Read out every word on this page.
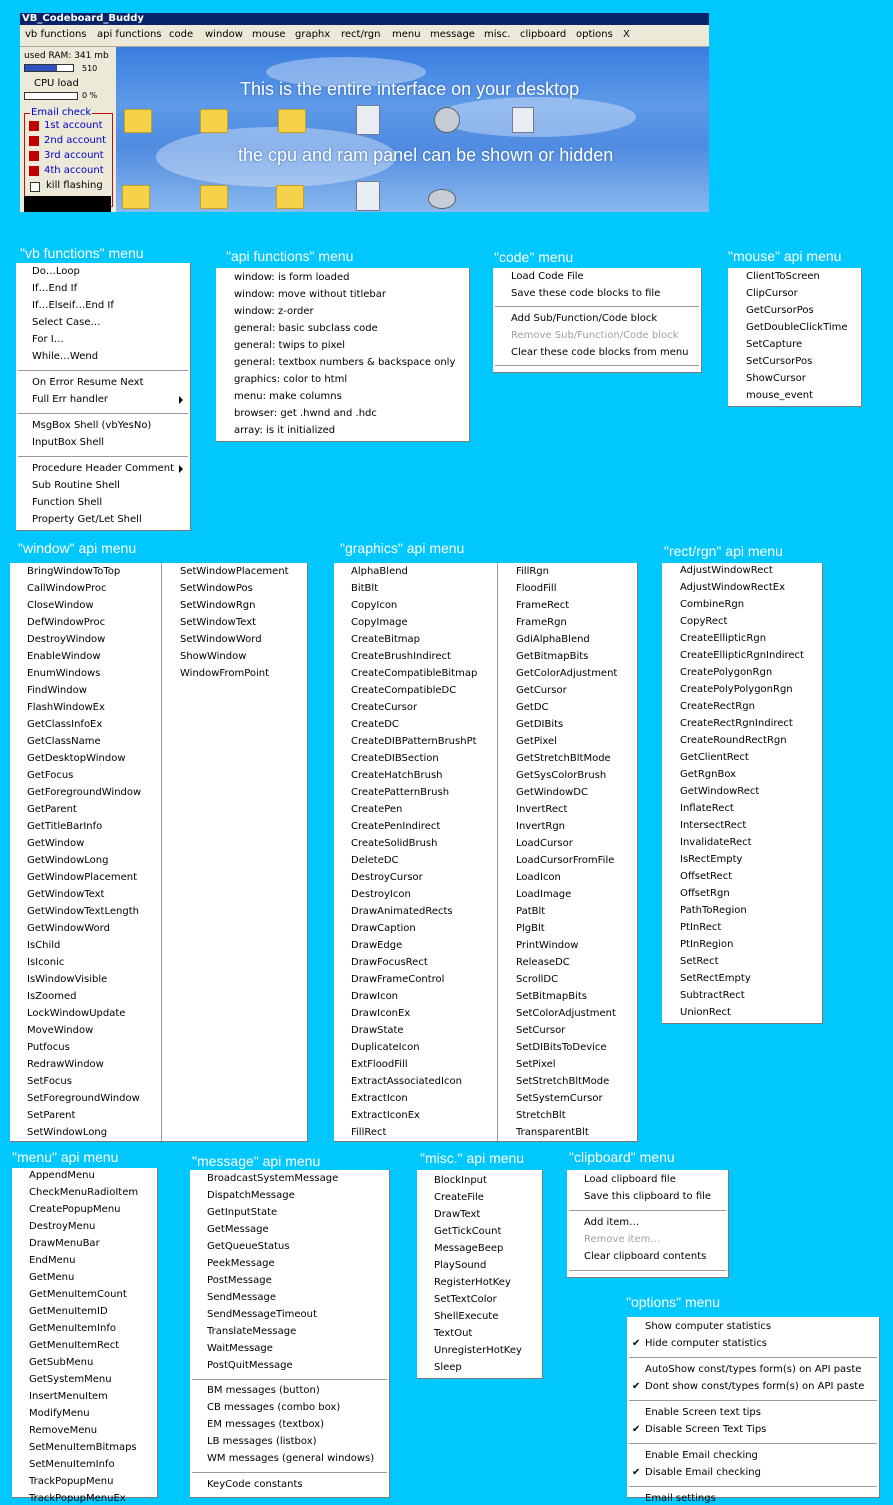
VB_Codeboard_Buddy
vb functions api functions code window mouse graphx rect/rgn menu message misc. clipboard options X
used RAM: 341 mb
510
CPU load
0 %
Email check
1st account
2nd account
3rd account
4th account
kill flashing
This is the entire interface on your desktop
the cpu and ram panel can be shown or hidden
"vb functions" menu
Do…Loop
If…End If
If…Elseif…End If
Select Case…
For I…
While…Wend
On Error Resume Next
Full Err handler
MsgBox Shell (vbYesNo)
InputBox Shell
Procedure Header Comment
Sub Routine Shell
Function Shell
Property Get/Let Shell
"api functions" menu
window: is form loaded
window: move without titlebar
window: z-order
general: basic subclass code
general: twips to pixel
general: textbox numbers & backspace only
graphics: color to html
menu: make columns
browser: get .hwnd and .hdc
array: is it initialized
"code" menu
Load Code File
Save these code blocks to file
Add Sub/Function/Code block
Remove Sub/Function/Code block
Clear these code blocks from menu
"mouse" api menu
ClientToScreen
ClipCursor
GetCursorPos
GetDoubleClickTime
SetCapture
SetCursorPos
ShowCursor
mouse_event
"window" api menu
BringWindowToTop
CallWindowProc
CloseWindow
DefWindowProc
DestroyWindow
EnableWindow
EnumWindows
FindWindow
FlashWindowEx
GetClassInfoEx
GetClassName
GetDesktopWindow
GetFocus
GetForegroundWindow
GetParent
GetTitleBarInfo
GetWindow
GetWindowLong
GetWindowPlacement
GetWindowText
GetWindowTextLength
GetWindowWord
IsChild
IsIconic
IsWindowVisible
IsZoomed
LockWindowUpdate
MoveWindow
Putfocus
RedrawWindow
SetFocus
SetForegroundWindow
SetParent
SetWindowLong
SetWindowPlacement
SetWindowPos
SetWindowRgn
SetWindowText
SetWindowWord
ShowWindow
WindowFromPoint
"graphics" api menu
AlphaBlend
BitBlt
CopyIcon
CopyImage
CreateBitmap
CreateBrushIndirect
CreateCompatibleBitmap
CreateCompatibleDC
CreateCursor
CreateDC
CreateDIBPatternBrushPt
CreateDIBSection
CreateHatchBrush
CreatePatternBrush
CreatePen
CreatePenIndirect
CreateSolidBrush
DeleteDC
DestroyCursor
DestroyIcon
DrawAnimatedRects
DrawCaption
DrawEdge
DrawFocusRect
DrawFrameControl
DrawIcon
DrawIconEx
DrawState
DuplicateIcon
ExtFloodFill
ExtractAssociatedIcon
ExtractIcon
ExtractIconEx
FillRect
FillRgn
FloodFill
FrameRect
FrameRgn
GdiAlphaBlend
GetBitmapBits
GetColorAdjustment
GetCursor
GetDC
GetDIBits
GetPixel
GetStretchBltMode
GetSysColorBrush
GetWindowDC
InvertRect
InvertRgn
LoadCursor
LoadCursorFromFile
LoadIcon
LoadImage
PatBlt
PlgBlt
PrintWindow
ReleaseDC
ScrollDC
SetBitmapBits
SetColorAdjustment
SetCursor
SetDIBitsToDevice
SetPixel
SetStretchBltMode
SetSystemCursor
StretchBlt
TransparentBlt
"rect/rgn" api menu
AdjustWindowRect
AdjustWindowRectEx
CombineRgn
CopyRect
CreateEllipticRgn
CreateEllipticRgnIndirect
CreatePolygonRgn
CreatePolyPolygonRgn
CreateRectRgn
CreateRectRgnIndirect
CreateRoundRectRgn
GetClientRect
GetRgnBox
GetWindowRect
InflateRect
IntersectRect
InvalidateRect
IsRectEmpty
OffsetRect
OffsetRgn
PathToRegion
PtInRect
PtInRegion
SetRect
SetRectEmpty
SubtractRect
UnionRect
"menu" api menu
AppendMenu
CheckMenuRadioItem
CreatePopupMenu
DestroyMenu
DrawMenuBar
EndMenu
GetMenu
GetMenuItemCount
GetMenuItemID
GetMenuItemInfo
GetMenuItemRect
GetSubMenu
GetSystemMenu
InsertMenuItem
ModifyMenu
RemoveMenu
SetMenuItemBitmaps
SetMenuItemInfo
TrackPopupMenu
TrackPopupMenuEx
"message" api menu
BroadcastSystemMessage
DispatchMessage
GetInputState
GetMessage
GetQueueStatus
PeekMessage
PostMessage
SendMessage
SendMessageTimeout
TranslateMessage
WaitMessage
PostQuitMessage
BM messages (button)
CB messages (combo box)
EM messages (textbox)
LB messages (listbox)
WM messages (general windows)
KeyCode constants
"misc." api menu
BlockInput
CreateFile
DrawText
GetTickCount
MessageBeep
PlaySound
RegisterHotKey
SetTextColor
ShellExecute
TextOut
UnregisterHotKey
Sleep
"clipboard" menu
Load clipboard file
Save this clipboard to file
Add item…
Remove item…
Clear clipboard contents
"options" menu
Show computer statistics
✔ Hide computer statistics
AutoShow const/types form(s) on API paste
✔ Dont show const/types form(s) on API paste
Enable Screen text tips
✔ Disable Screen Text Tips
Enable Email checking
✔ Disable Email checking
Email settings
